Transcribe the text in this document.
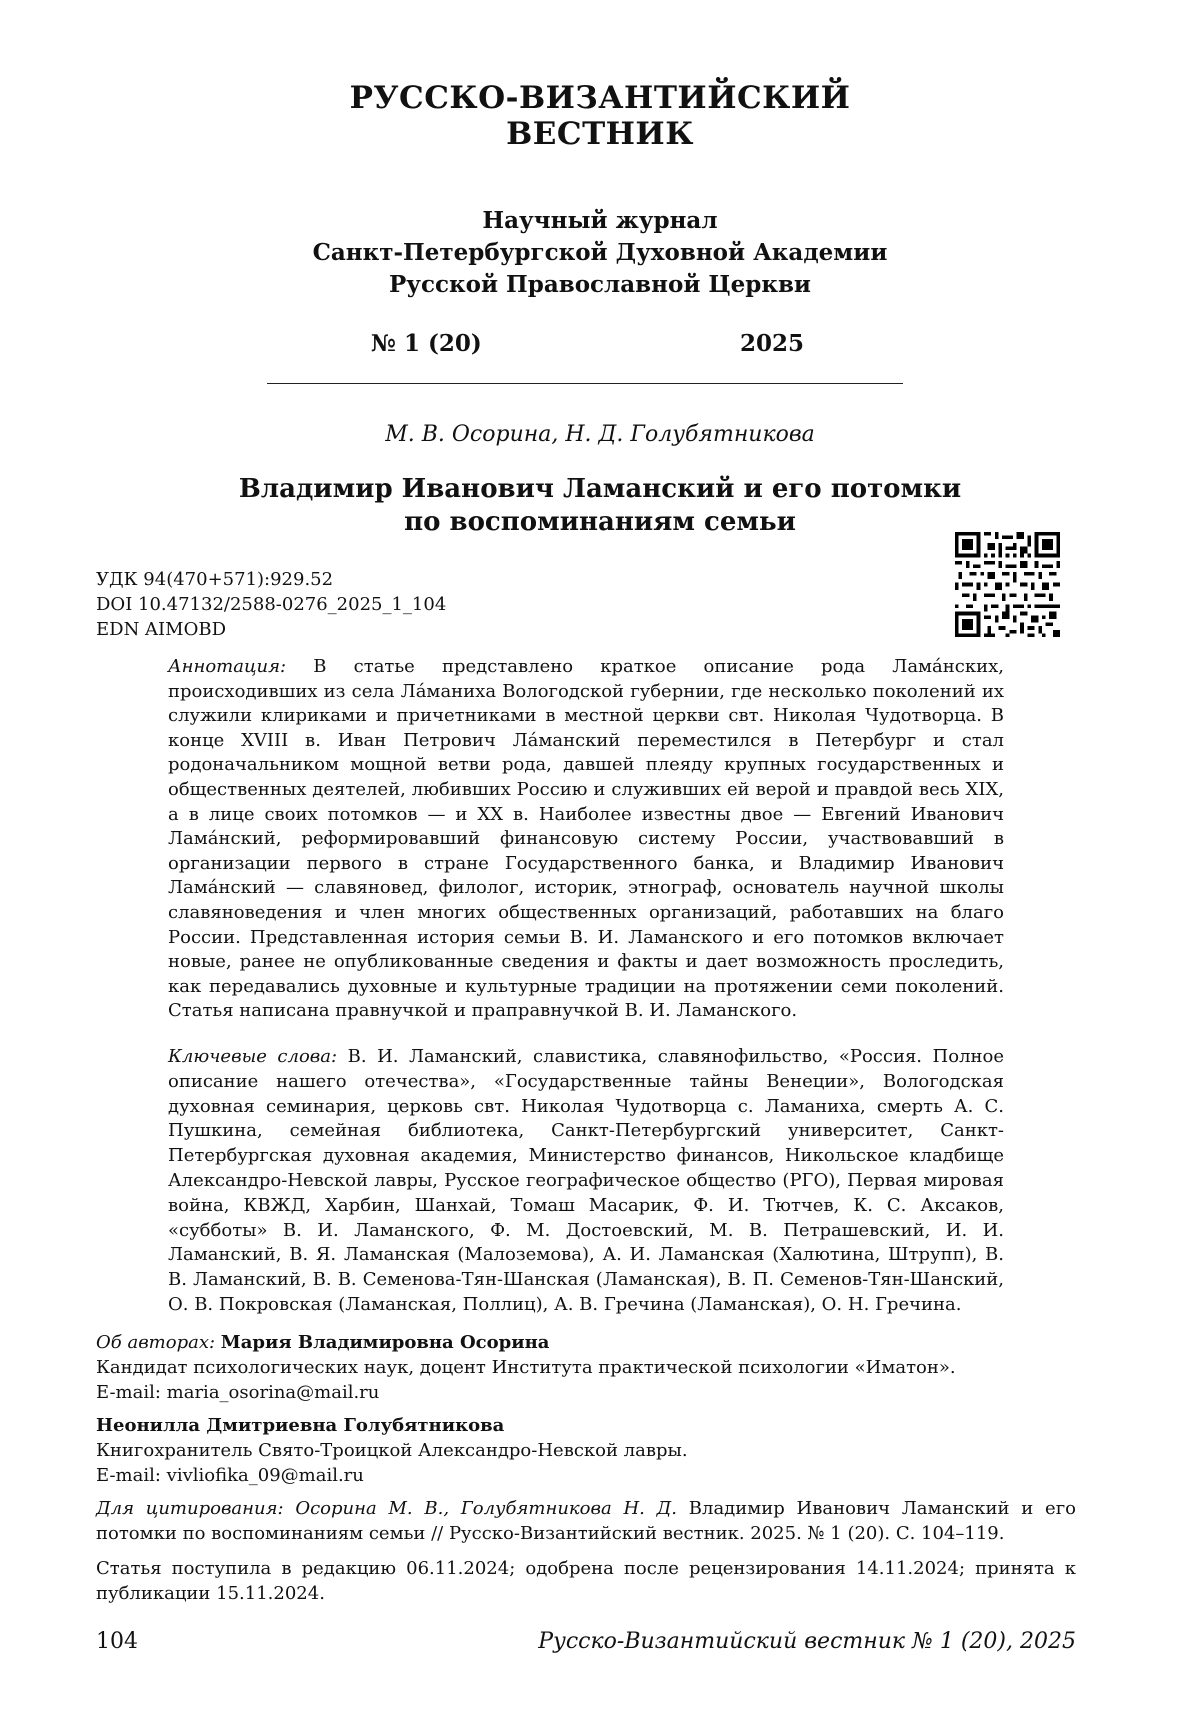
РУССКО-ВИЗАНТИЙСКИЙ
ВЕСТНИК
Научный журнал
Санкт-Петербургской Духовной Академии
Русской Православной Церкви
№ 1 (20)	2025
М. В. Осорина, Н. Д. Голубятникова
Владимир Иванович Ламанский и его потомки
по воспоминаниям семьи
УДК 94(470+571):929.52
DOI 10.47132/2588-0276_2025_1_104
EDN AIMOBD

Аннотация: В статье представлено краткое описание рода Лама́нских, происходивших из села Ла́маниха Вологодской губернии, где несколько поколений их служили клириками и причетниками в местной церкви свт. Николая Чудотворца. В конце XVIII в. Иван Петрович Ла́манский переместился в Петербург и стал родоначальником мощной ветви рода, давшей плеяду крупных государственных и общественных деятелей, любивших Россию и служивших ей верой и правдой весь XIX, а в лице своих потомков — и XX в. Наиболее известны двое — Евгений Иванович Лама́нский, реформировавший финансовую систему России, участвовавший в организации первого в стране Государственного банка, и Владимир Иванович Лама́нский — славяновед, филолог, историк, этнограф, основатель научной школы славяноведения и член многих общественных организаций, работавших на благо России. Представленная история семьи В. И. Ламанского и его потомков включает новые, ранее не опубликованные сведения и факты и дает возможность проследить, как передавались духовные и культурные традиции на протяжении семи поколений. Статья написана правнучкой и праправнучкой В. И. Ламанского.

Ключевые слова: В. И. Ламанский, славистика, славянофильство, «Россия. Полное описание нашего отечества», «Государственные тайны Венеции», Вологодская духовная семинария, церковь свт. Николая Чудотворца с. Ламаниха, смерть А. С. Пушкина, семейная библиотека, Санкт-Петербургский университет, Санкт-Петербургская духовная академия, Министерство финансов, Никольское кладбище Александро-Невской лавры, Русское географическое общество (РГО), Первая мировая война, КВЖД, Харбин, Шанхай, Томаш Масарик, Ф. И. Тютчев, К. С. Аксаков, «субботы» В. И. Ламанского, Ф. М. Достоевский, М. В. Петрашевский, И. И. Ламанский, В. Я. Ламанская (Малоземова), А. И. Ламанская (Халютина, Штрупп), В. В. Ламанский, В. В. Семенова-Тян-Шанская (Ламанская), В. П. Семенов-Тян-Шанский, О. В. Покровская (Ламанская, Поллиц), А. В. Гречина (Ламанская), О. Н. Гречина.

Об авторах: Мария Владимировна Осорина
Кандидат психологических наук, доцент Института практической психологии «Иматон».
E-mail: maria_osorina@mail.ru
Неонилла Дмитриевна Голубятникова
Книгохранитель Свято-Троицкой Александро-Невской лавры.
E-mail: vivliofika_09@mail.ru

Для цитирования: Осорина М. В., Голубятникова Н. Д. Владимир Иванович Ламанский и его потомки по воспоминаниям семьи // Русско-Византийский вестник. 2025. № 1 (20). С. 104–119.

Статья поступила в редакцию 06.11.2024; одобрена после рецензирования 14.11.2024; принята к публикации 15.11.2024.

104	Русско-Византийский вестник № 1 (20), 2025
